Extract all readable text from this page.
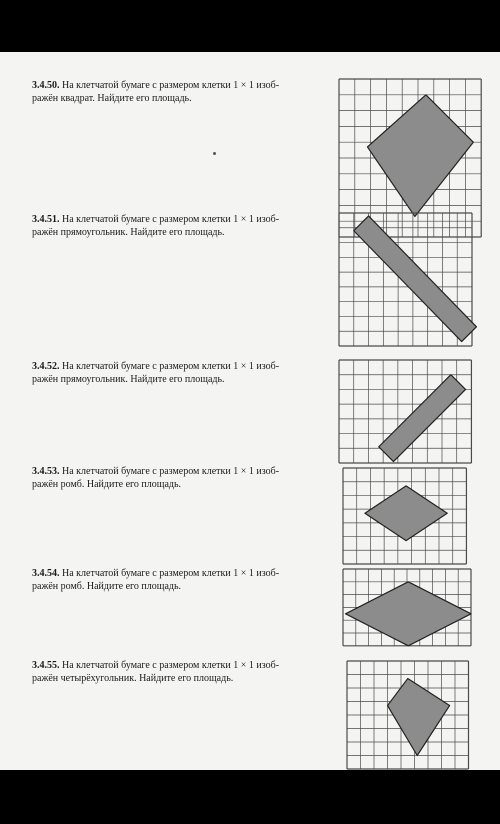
3.4.50. На клетчатой бумаге с размером клетки 1 × 1 изоб-
ражён квадрат. Найдите его площадь.
3.4.51. На клетчатой бумаге с размером клетки 1 × 1 изоб-
ражён прямоугольник. Найдите его площадь.
3.4.52. На клетчатой бумаге с размером клетки 1 × 1 изоб-
ражён прямоугольник. Найдите его площадь.
3.4.53. На клетчатой бумаге с размером клетки 1 × 1 изоб-
ражён ромб. Найдите его площадь.
3.4.54. На клетчатой бумаге с размером клетки 1 × 1 изоб-
ражён ромб. Найдите его площадь.
3.4.55. На клетчатой бумаге с размером клетки 1 × 1 изоб-
ражён четырёхугольник. Найдите его площадь.
